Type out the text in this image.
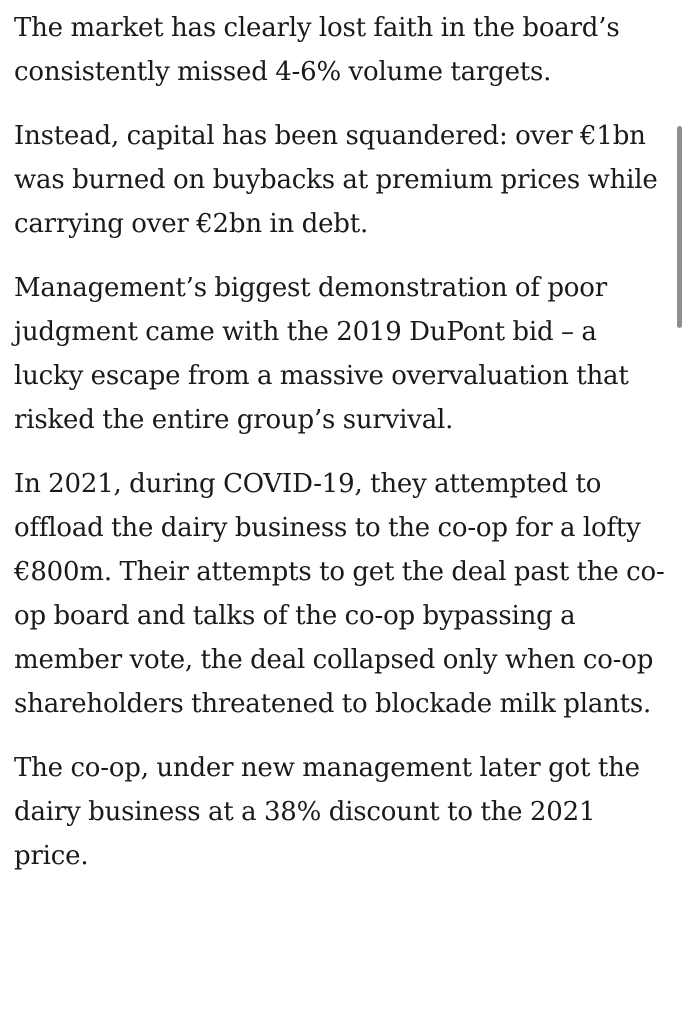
The market has clearly lost faith in the board’s consistently missed 4-6% volume targets.

Instead, capital has been squandered: over €1bn was burned on buybacks at premium prices while carrying over €2bn in debt.

Management’s biggest demonstration of poor judgment came with the 2019 DuPont bid – a lucky escape from a massive overvaluation that risked the entire group’s survival.

In 2021, during COVID-19, they attempted to offload the dairy business to the co-op for a lofty €800m. Their attempts to get the deal past the co-op board and talks of the co-op bypassing a member vote, the deal collapsed only when co-op shareholders threatened to blockade milk plants.

The co-op, under new management later got the dairy business at a 38% discount to the 2021 price.
